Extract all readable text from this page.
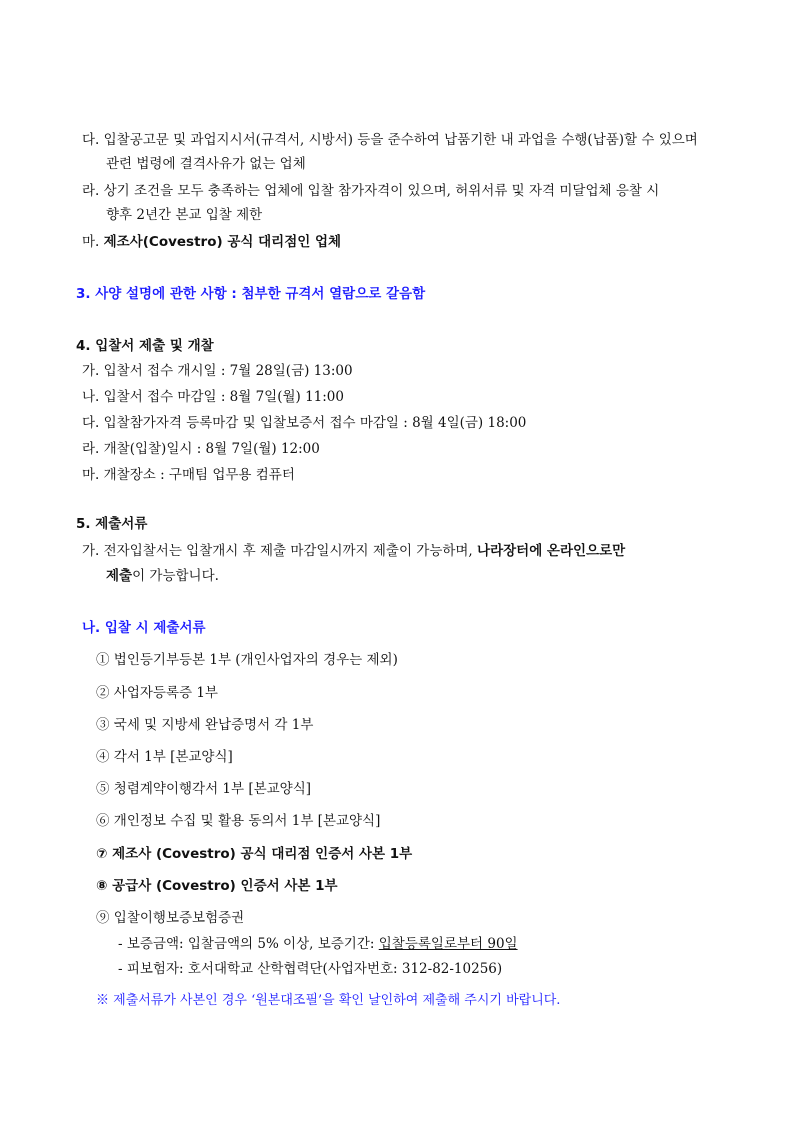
다. 입찰공고문 및 과업지시서(규격서, 시방서) 등을 준수하여 납품기한 내 과업을 수행(납품)할 수 있으며
관련 법령에 결격사유가 없는 업체
라. 상기 조건을 모두 충족하는 업체에 입찰 참가자격이 있으며, 허위서류 및 자격 미달업체 응찰 시
향후 2년간 본교 입찰 제한
마. 제조사(Covestro) 공식 대리점인 업체
3. 사양 설명에 관한 사항 : 첨부한 규격서 열람으로 갈음함
4. 입찰서 제출 및 개찰
가. 입찰서 접수 개시일 : 7월 28일(금) 13:00
나. 입찰서 접수 마감일 : 8월 7일(월) 11:00
다. 입찰참가자격 등록마감 및 입찰보증서 접수 마감일 : 8월 4일(금) 18:00
라. 개찰(입찰)일시 : 8월 7일(월) 12:00
마. 개찰장소 : 구매팀 업무용 컴퓨터
5. 제출서류
가. 전자입찰서는 입찰개시 후 제출 마감일시까지 제출이 가능하며, 나라장터에 온라인으로만
제출이 가능합니다.
나. 입찰 시 제출서류
① 법인등기부등본 1부 (개인사업자의 경우는 제외)
② 사업자등록증 1부
③ 국세 및 지방세 완납증명서 각 1부
④ 각서 1부 [본교양식]
⑤ 청렴계약이행각서 1부 [본교양식]
⑥ 개인정보 수집 및 활용 동의서 1부 [본교양식]
⑦ 제조사 (Covestro) 공식 대리점 인증서 사본 1부
⑧ 공급사 (Covestro) 인증서 사본 1부
⑨ 입찰이행보증보험증권
- 보증금액: 입찰금액의 5% 이상, 보증기간: 입찰등록일로부터 90일
- 피보험자: 호서대학교 산학협력단(사업자번호: 312-82-10256)
※ 제출서류가 사본인 경우 ‘원본대조필’을 확인 날인하여 제출해 주시기 바랍니다.
